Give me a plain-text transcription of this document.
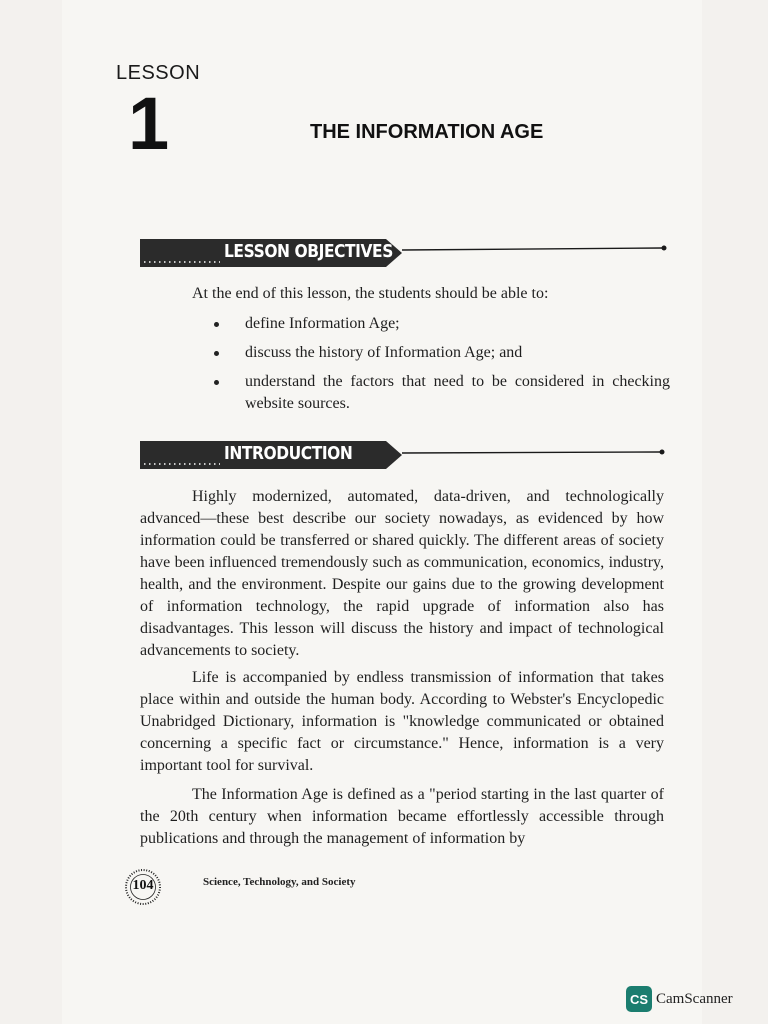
LESSON
1	THE INFORMATION AGE
LESSON OBJECTIVES
At the end of this lesson, the students should be able to:
define Information Age;
discuss the history of Information Age; and
understand the factors that need to be considered in checking website sources.
INTRODUCTION

Highly modernized, automated, data-driven, and technologically advanced—these best describe our society nowadays, as evidenced by how information could be transferred or shared quickly. The different areas of society have been influenced tremendously such as communication, economics, industry, health, and the environment. Despite our gains due to the growing development of information technology, the rapid upgrade of information also has disadvantages. This lesson will discuss the history and impact of technological advancements to society.

Life is accompanied by endless transmission of information that takes place within and outside the human body. According to Webster's Encyclopedic Unabridged Dictionary, information is "knowledge communicated or obtained concerning a specific fact or circumstance." Hence, information is a very important tool for survival.

The Information Age is defined as a "period starting in the last quarter of the 20th century when information became effortlessly accessible through publications and through the management of information by

104	Science, Technology, and Society
CS CamScanner
